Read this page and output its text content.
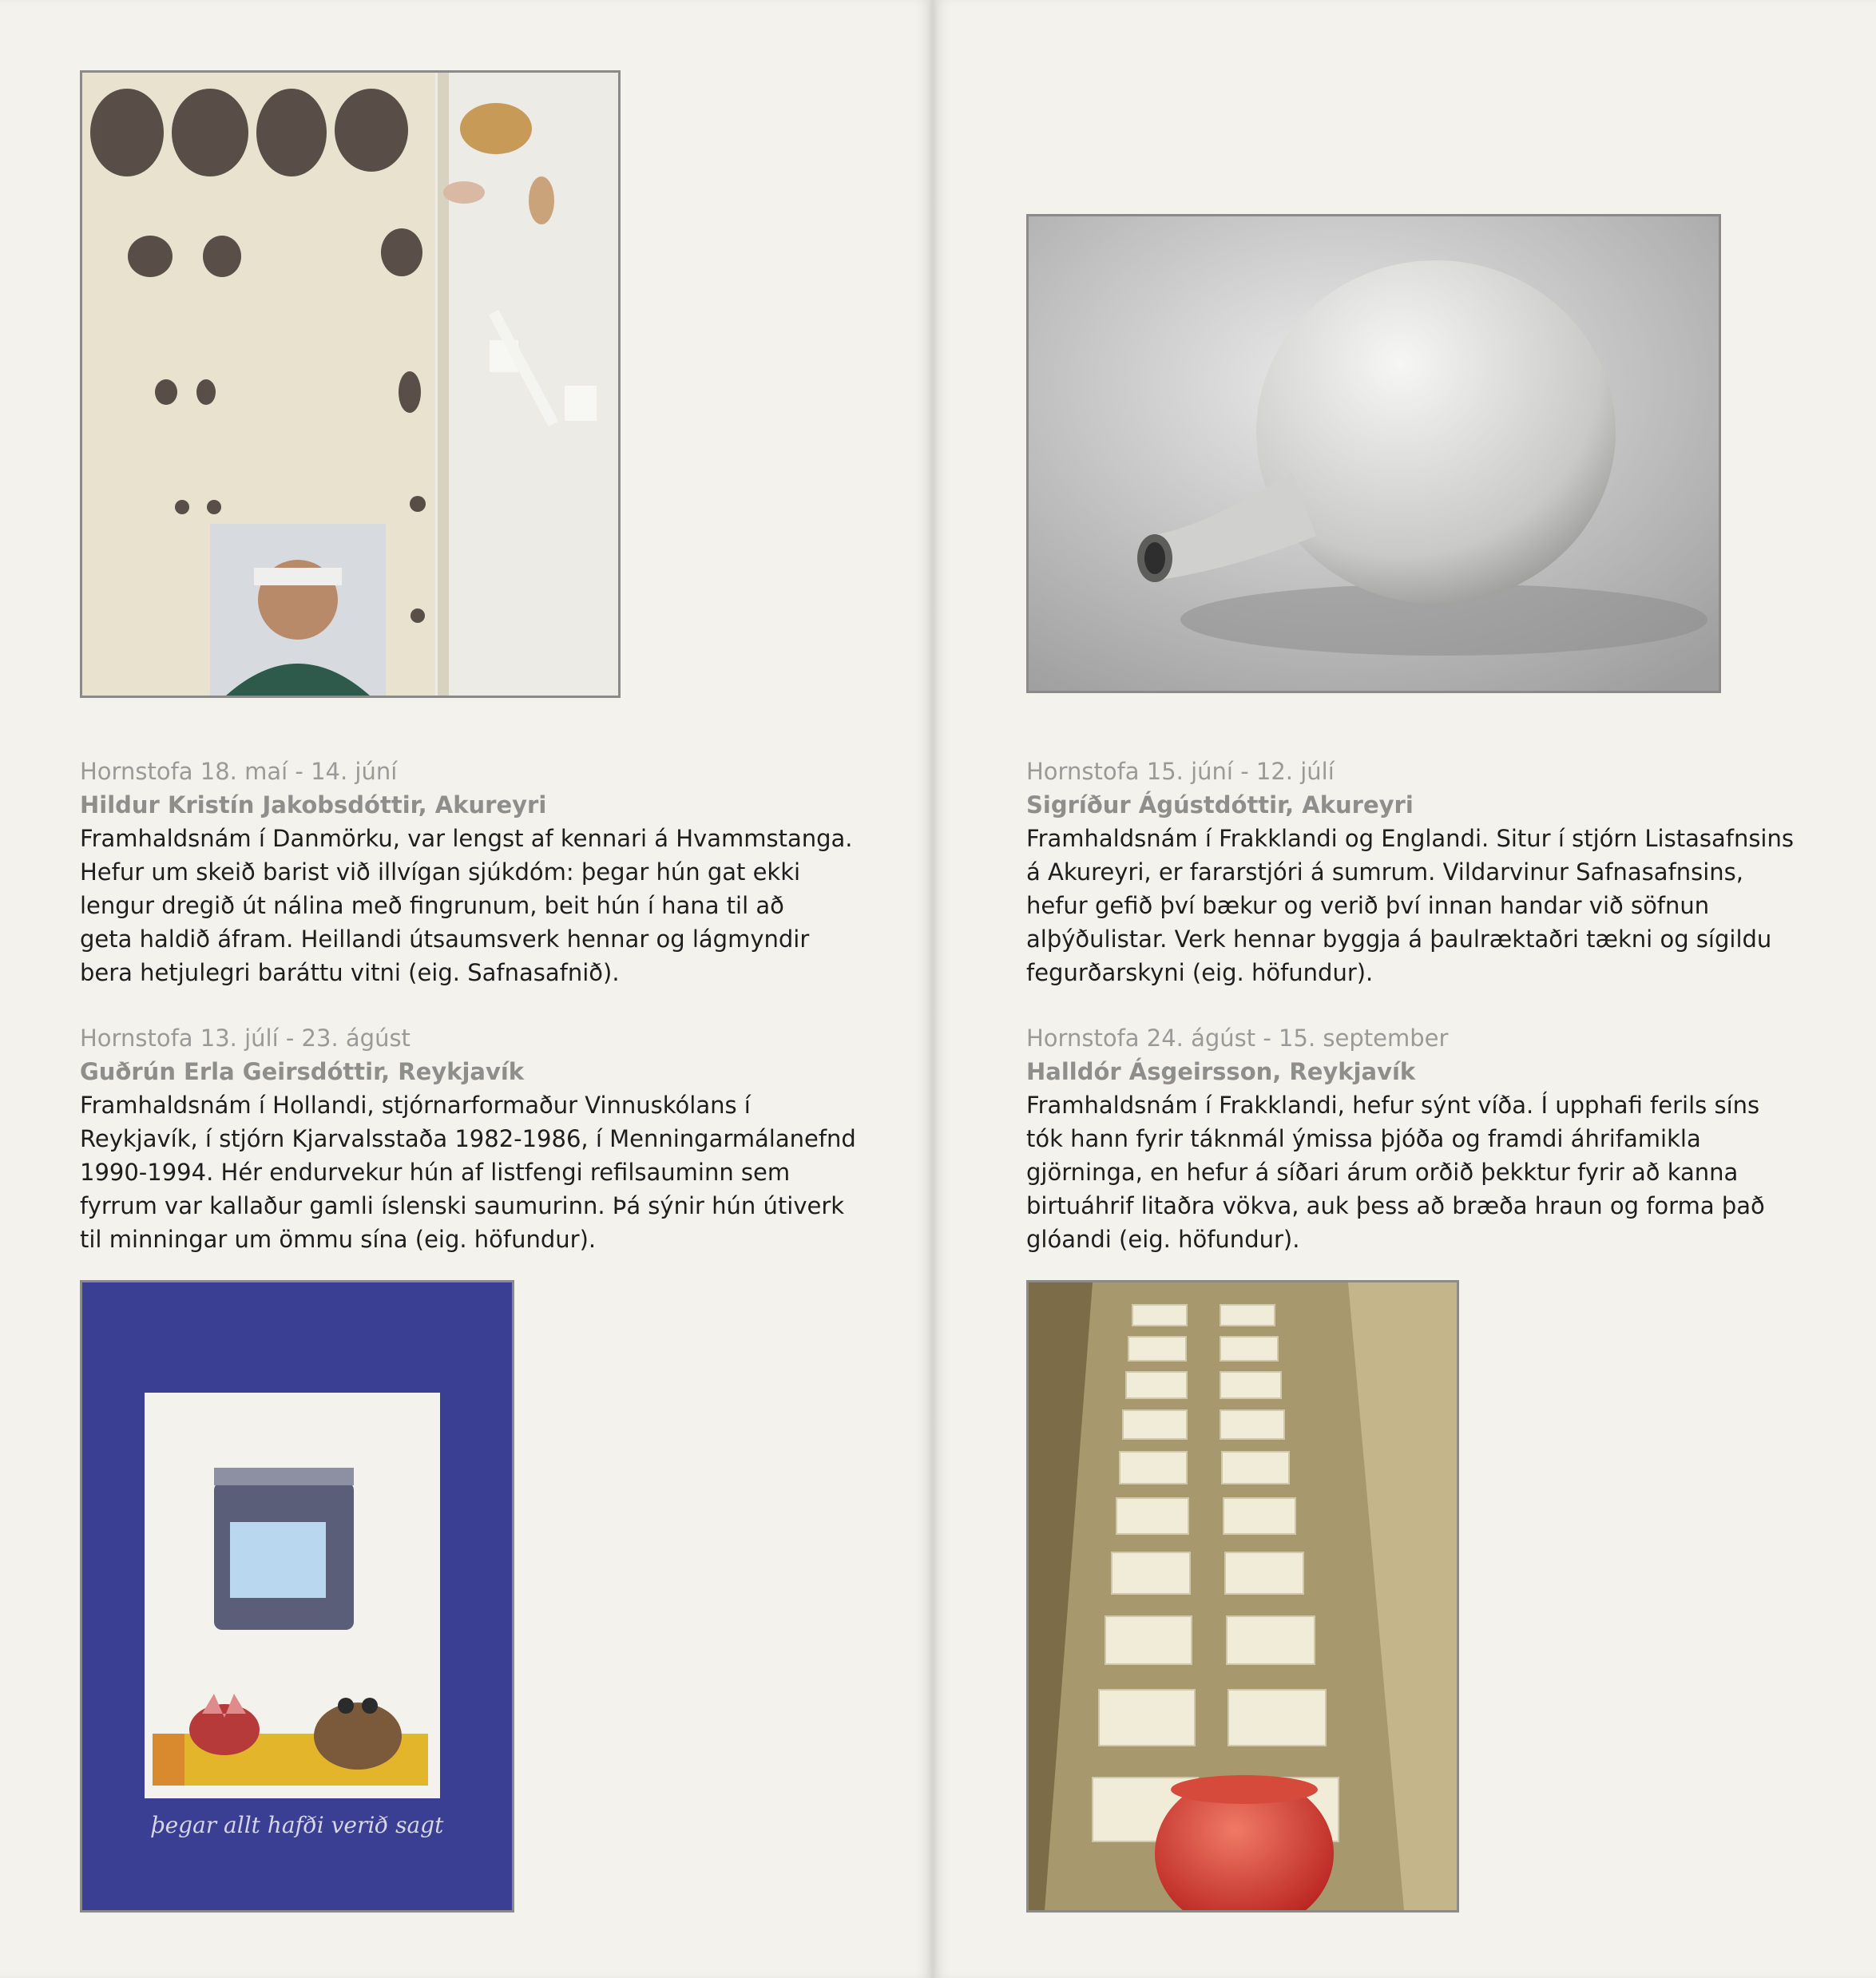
þegar allt hafði verið sagt

Hornstofa 18. maí - 14. júní

Hildur Kristín Jakobsdóttir, Akureyri

Framhaldsnám í Danmörku, var lengst af kennari á Hvammstanga.

Hefur um skeið barist við illvígan sjúkdóm: þegar hún gat ekki

lengur dregið út nálina með fingrunum, beit hún í hana til að

geta haldið áfram. Heillandi útsaumsverk hennar og lágmyndir

bera hetjulegri baráttu vitni (eig. Safnasafnið).

Hornstofa 13. júlí - 23. ágúst

Guðrún Erla Geirsdóttir, Reykjavík

Framhaldsnám í Hollandi, stjórnarformaður Vinnuskólans í

Reykjavík, í stjórn Kjarvalsstaða 1982-1986, í Menningarmálanefnd

1990-1994. Hér endurvekur hún af listfengi refilsauminn sem

fyrrum var kallaður gamli íslenski saumurinn. Þá sýnir hún útiverk

til minningar um ömmu sína (eig. höfundur).

Hornstofa 15. júní - 12. júlí

Sigríður Ágústdóttir, Akureyri

Framhaldsnám í Frakklandi og Englandi. Situr í stjórn Listasafnsins

á Akureyri, er fararstjóri á sumrum. Vildarvinur Safnasafnsins,

hefur gefið því bækur og verið því innan handar við söfnun

alþýðulistar. Verk hennar byggja á þaulræktaðri tækni og sígildu

fegurðarskyni (eig. höfundur).

Hornstofa 24. ágúst - 15. september

Halldór Ásgeirsson, Reykjavík

Framhaldsnám í Frakklandi, hefur sýnt víða. Í upphafi ferils síns

tók hann fyrir táknmál ýmissa þjóða og framdi áhrifamikla

gjörninga, en hefur á síðari árum orðið þekktur fyrir að kanna

birtuáhrif litaðra vökva, auk þess að bræða hraun og forma það

glóandi (eig. höfundur).
